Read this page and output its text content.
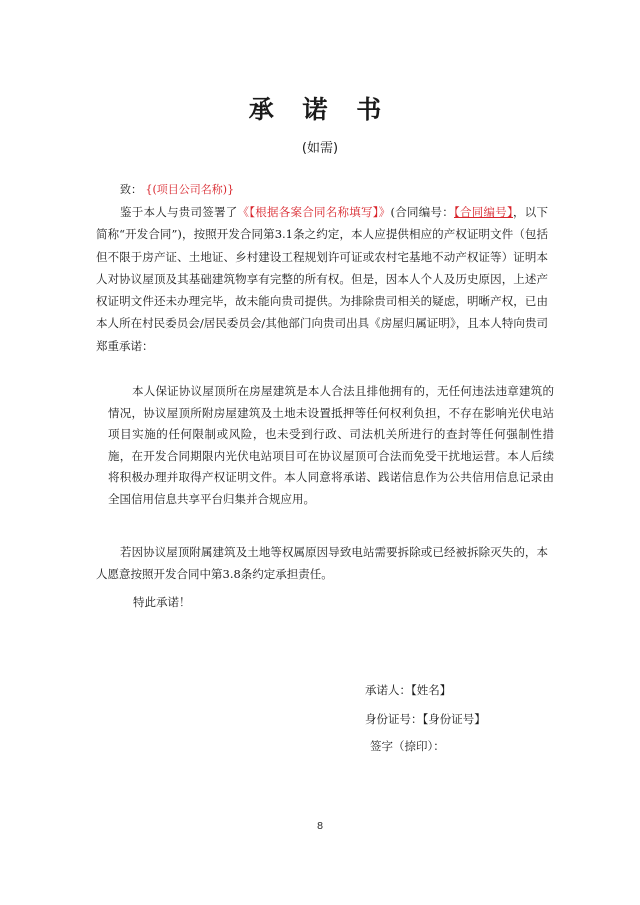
承 诺 书
(如需)
致： {(项目公司名称)}
鉴于本人与贵司签署了《【根据各案合同名称填写】》(合同编号：【合同编号】，以下简称“开发合同”)，按照开发合同第3.1条之约定，本人应提供相应的产权证明文件（包括但不限于房产证、土地证、乡村建设工程规划许可证或农村宅基地不动产权证等）证明本人对协议屋顶及其基础建筑物享有完整的所有权。但是，因本人个人及历史原因，上述产权证明文件还未办理完毕，故未能向贵司提供。为排除贵司相关的疑虑，明晰产权，已由本人所在村民委员会/居民委员会/其他部门向贵司出具《房屋归属证明》，且本人特向贵司郑重承诺：
本人保证协议屋顶所在房屋建筑是本人合法且排他拥有的，无任何违法违章建筑的情况，协议屋顶所附房屋建筑及土地未设置抵押等任何权利负担，不存在影响光伏电站项目实施的任何限制或风险，也未受到行政、司法机关所进行的查封等任何强制性措施，在开发合同期限内光伏电站项目可在协议屋顶可合法而免受干扰地运营。本人后续将积极办理并取得产权证明文件。本人同意将承诺、践诺信息作为公共信用信息记录由全国信用信息共享平台归集并合规应用。
若因协议屋顶附属建筑及土地等权属原因导致电站需要拆除或已经被拆除灭失的，本人愿意按照开发合同中第3.8条约定承担责任。
特此承诺！
承诺人：【姓名】
身份证号：【身份证号】
签字（捺印）：
8
